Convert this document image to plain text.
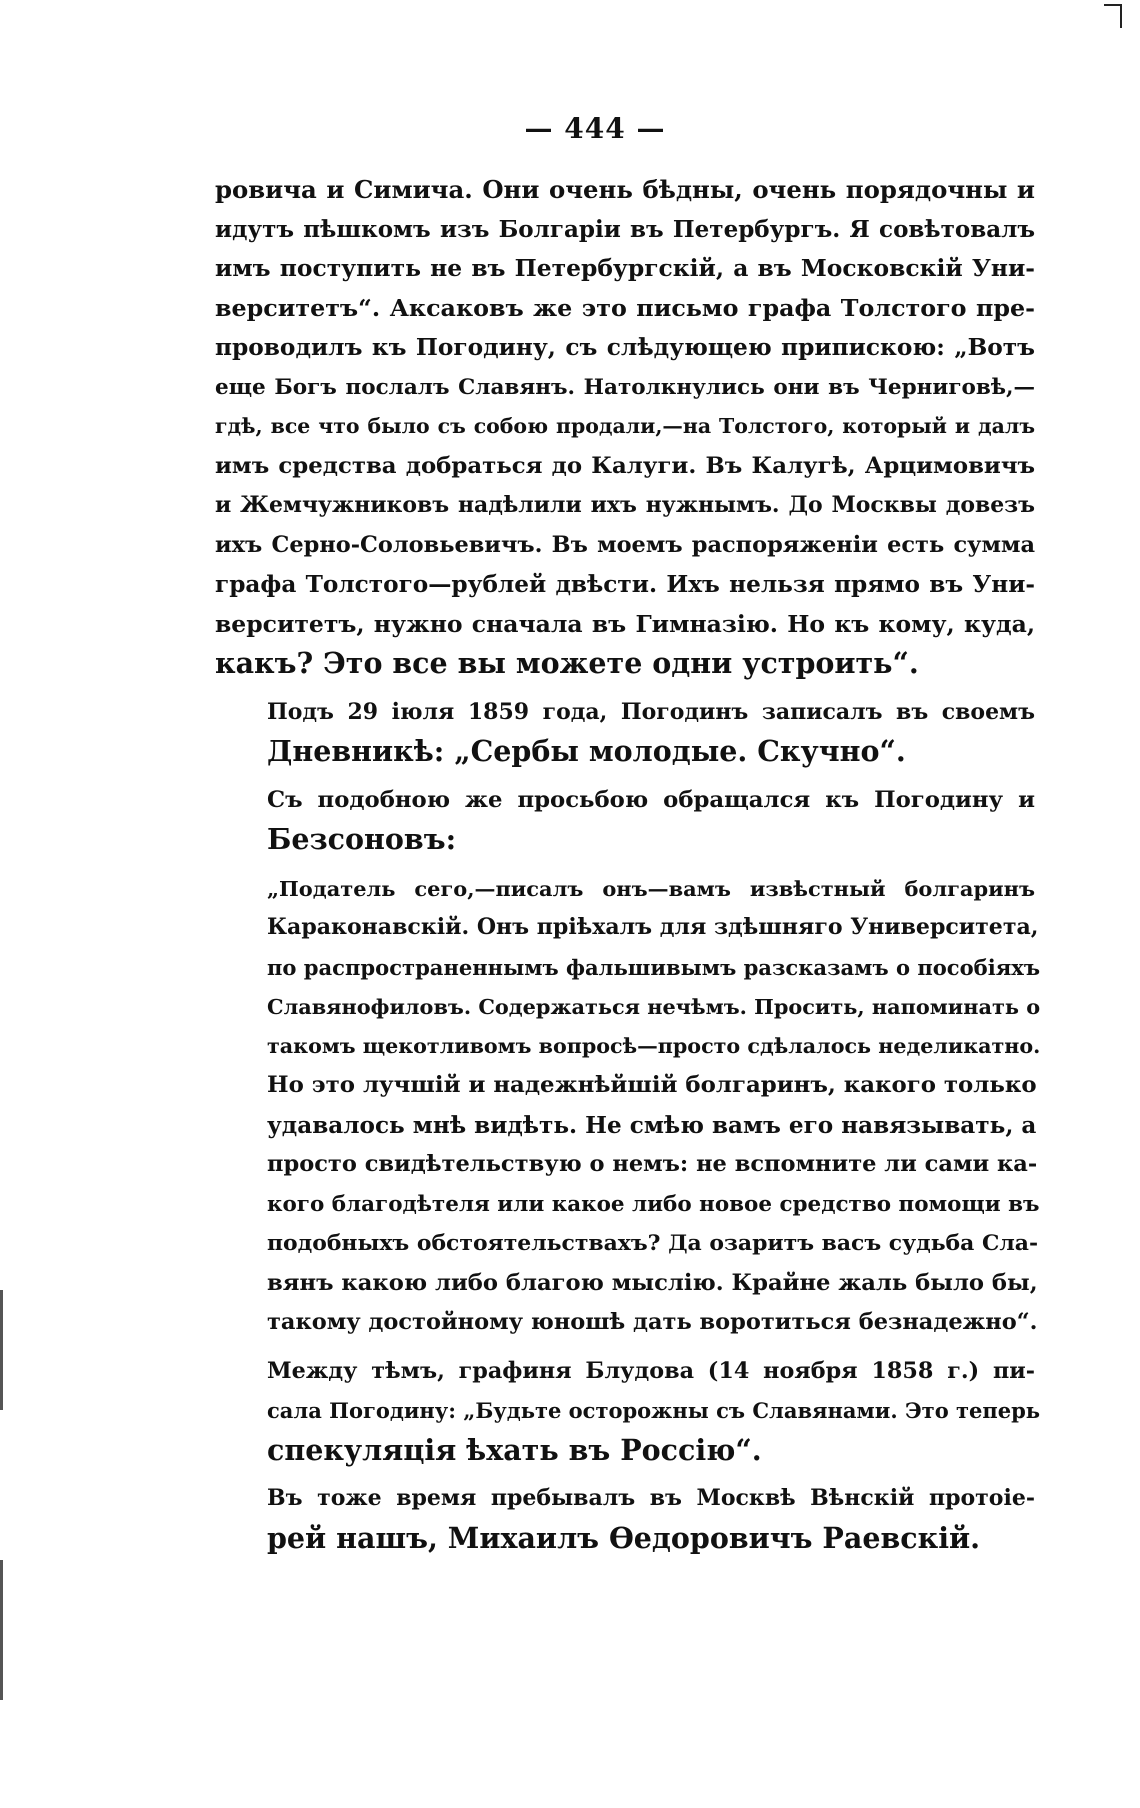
— 444 —
ровича и Симича. Они очень бѣдны, очень порядочны и
идутъ пѣшкомъ изъ Болгаріи въ Петербургъ. Я совѣтовалъ
имъ поступить не въ Петербургскій, а въ Московскій Уни-
верситетъ“. Аксаковъ же это письмо графа Толстого пре-
проводилъ къ Погодину, съ слѣдующею припискою: „Вотъ
еще Богъ послалъ Славянъ. Натолкнулись они въ Черниговѣ,—
гдѣ, все что было съ собою продали,—на Толстого, который и далъ
имъ средства добраться до Калуги. Въ Калугѣ, Арцимовичъ
и Жемчужниковъ надѣлили ихъ нужнымъ. До Москвы довезъ
ихъ Серно-Соловьевичъ. Въ моемъ распоряженіи есть сумма
графа Толстого—рублей двѣсти. Ихъ нельзя прямо въ Уни-
верситетъ, нужно сначала въ Гимназію. Но къ кому, куда,
какъ? Это все вы можете одни устроить“.
Подъ 29 іюля 1859 года, Погодинъ записалъ въ своемъ
Дневникѣ: „Сербы молодые. Скучно“.
Съ подобною же просьбою обращался къ Погодину и
Безсоновъ:
„Податель сего,—писалъ онъ—вамъ извѣстный болгаринъ
Караконавскій. Онъ пріѣхалъ для здѣшняго Университета,
по распространеннымъ фальшивымъ разсказамъ о пособіяхъ
Славянофиловъ. Содержаться нечѣмъ. Просить, напоминать о
такомъ щекотливомъ вопросѣ—просто сдѣлалось неделикатно.
Но это лучшій и надежнѣйшій болгаринъ, какого только
удавалось мнѣ видѣть. Не смѣю вамъ его навязывать, а
просто свидѣтельствую о немъ: не вспомните ли сами ка-
кого благодѣтеля или какое либо новое средство помощи въ
подобныхъ обстоятельствахъ? Да озаритъ васъ судьба Сла-
вянъ какою либо благою мыслію. Крайне жаль было бы,
такому достойному юношѣ дать воротиться безнадежно“.
Между тѣмъ, графиня Блудова (14 ноября 1858 г.) пи-
сала Погодину: „Будьте осторожны съ Славянами. Это теперь
спекуляція ѣхать въ Россію“.
Въ тоже время пребывалъ въ Москвѣ Вѣнскій протоіе-
рей нашъ, Михаилъ Өедоровичъ Раевскій.
